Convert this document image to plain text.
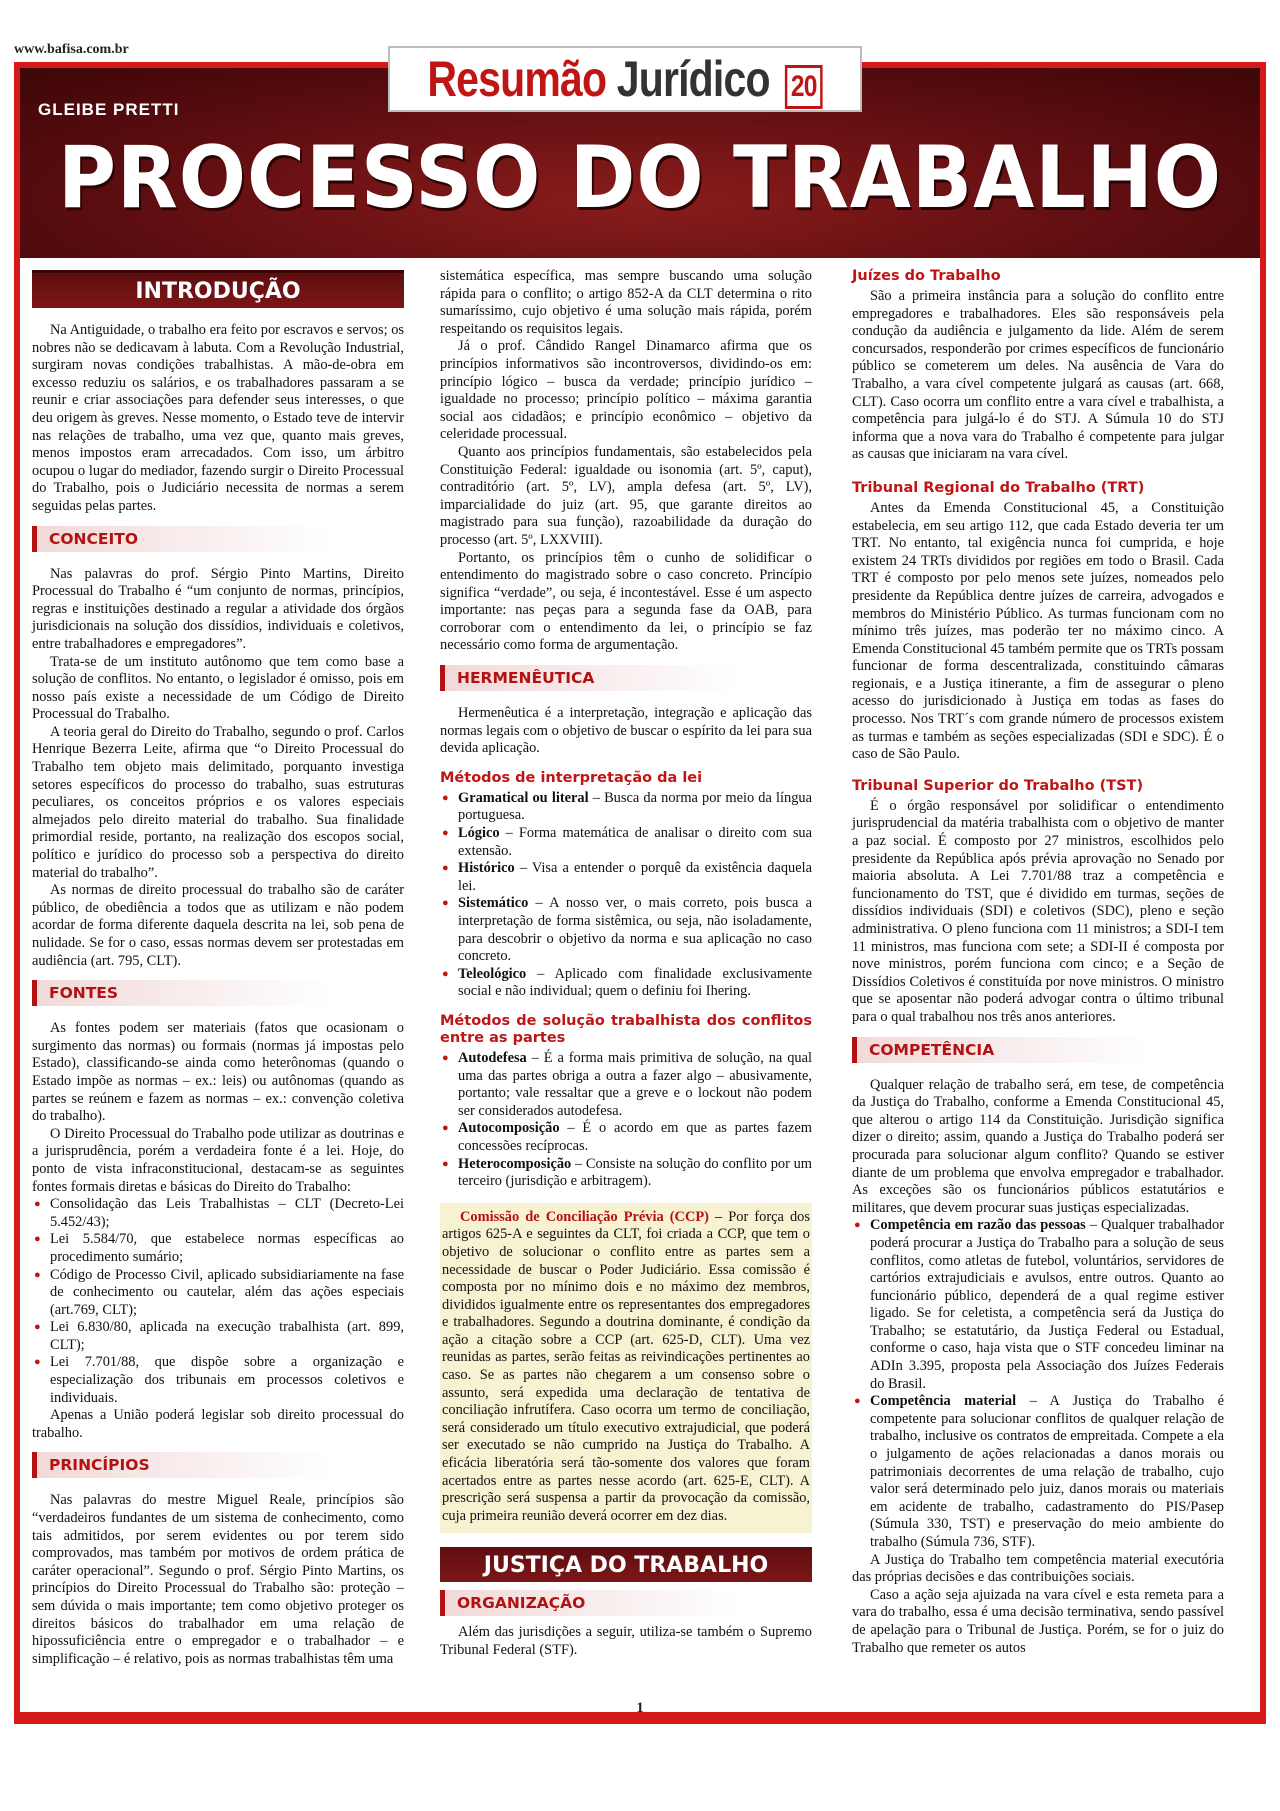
www.bafisa.com.br
Resumão Jurídico 20
GLEIBE PRETTI
PROCESSO DO TRABALHO
INTRODUÇÃO

Na Antiguidade, o trabalho era feito por escravos e servos; os nobres não se dedicavam à labuta. Com a Revolução Industrial, surgiram novas condições trabalhistas. A mão-de-obra em excesso reduziu os salários, e os trabalhadores passaram a se reunir e criar associações para defender seus interesses, o que deu origem às greves. Nesse momento, o Estado teve de intervir nas relações de trabalho, uma vez que, quanto mais greves, menos impostos eram arrecadados. Com isso, um árbitro ocupou o lugar do mediador, fazendo surgir o Direito Processual do Trabalho, pois o Judiciário necessita de normas a serem seguidas pelas partes.

CONCEITO

Nas palavras do prof. Sérgio Pinto Martins, Direito Processual do Trabalho é “um conjunto de normas, princípios, regras e instituições destinado a regular a atividade dos órgãos jurisdicionais na solução dos dissídios, individuais e coletivos, entre trabalhadores e empregadores”.

Trata-se de um instituto autônomo que tem como base a solução de conflitos. No entanto, o legislador é omisso, pois em nosso país existe a necessidade de um Código de Direito Processual do Trabalho.

A teoria geral do Direito do Trabalho, segundo o prof. Carlos Henrique Bezerra Leite, afirma que “o Direito Processual do Trabalho tem objeto mais delimitado, porquanto investiga setores específicos do processo do trabalho, suas estruturas peculiares, os conceitos próprios e os valores especiais almejados pelo direito material do trabalho. Sua finalidade primordial reside, portanto, na realização dos escopos social, político e jurídico do processo sob a perspectiva do direito material do trabalho”.

As normas de direito processual do trabalho são de caráter público, de obediência a todos que as utilizam e não podem acordar de forma diferente daquela descrita na lei, sob pena de nulidade. Se for o caso, essas normas devem ser protestadas em audiência (art. 795, CLT).

FONTES

As fontes podem ser materiais (fatos que ocasionam o surgimento das normas) ou formais (normas já impostas pelo Estado), classificando-se ainda como heterônomas (quando o Estado impõe as normas – ex.: leis) ou autônomas (quando as partes se reúnem e fazem as normas – ex.: convenção coletiva do trabalho).

O Direito Processual do Trabalho pode utilizar as doutrinas e a jurisprudência, porém a verdadeira fonte é a lei. Hoje, do ponto de vista infraconstitucional, destacam-se as seguintes fontes formais diretas e básicas do Direito do Trabalho:

● Consolidação das Leis Trabalhistas – CLT (Decreto-Lei 5.452/43);
● Lei 5.584/70, que estabelece normas específicas ao procedimento sumário;
● Código de Processo Civil, aplicado subsidiariamente na fase de conhecimento ou cautelar, além das ações especiais (art.769, CLT);
● Lei 6.830/80, aplicada na execução trabalhista (art. 899, CLT);
● Lei 7.701/88, que dispõe sobre a organização e especialização dos tribunais em processos coletivos e individuais.

Apenas a União poderá legislar sob direito processual do trabalho.

PRINCÍPIOS

Nas palavras do mestre Miguel Reale, princípios são “verdadeiros fundantes de um sistema de conhecimento, como tais admitidos, por serem evidentes ou por terem sido comprovados, mas também por motivos de ordem prática de caráter operacional”. Segundo o prof. Sérgio Pinto Martins, os princípios do Direito Processual do Trabalho são: proteção – sem dúvida o mais importante; tem como objetivo proteger os direitos básicos do trabalhador em uma relação de hipossuficiência entre o empregador e o trabalhador – e simplificação – é relativo, pois as normas trabalhistas têm uma

sistemática específica, mas sempre buscando uma solução rápida para o conflito; o artigo 852-A da CLT determina o rito sumaríssimo, cujo objetivo é uma solução mais rápida, porém respeitando os requisitos legais.

Já o prof. Cândido Rangel Dinamarco afirma que os princípios informativos são incontroversos, dividindo-os em: princípio lógico – busca da verdade; princípio jurídico – igualdade no processo; princípio político – máxima garantia social aos cidadãos; e princípio econômico – objetivo da celeridade processual.

Quanto aos princípios fundamentais, são estabelecidos pela Constituição Federal: igualdade ou isonomia (art. 5º, caput), contraditório (art. 5º, LV), ampla defesa (art. 5º, LV), imparcialidade do juiz (art. 95, que garante direitos ao magistrado para sua função), razoabilidade da duração do processo (art. 5º, LXXVIII).

Portanto, os princípios têm o cunho de solidificar o entendimento do magistrado sobre o caso concreto. Princípio significa “verdade”, ou seja, é incontestável. Esse é um aspecto importante: nas peças para a segunda fase da OAB, para corroborar com o entendimento da lei, o princípio se faz necessário como forma de argumentação.

HERMENÊUTICA

Hermenêutica é a interpretação, integração e aplicação das normas legais com o objetivo de buscar o espírito da lei para sua devida aplicação.

Métodos de interpretação da lei
● Gramatical ou literal – Busca da norma por meio da língua portuguesa.
● Lógico – Forma matemática de analisar o direito com sua extensão.
● Histórico – Visa a entender o porquê da existência daquela lei.
● Sistemático – A nosso ver, o mais correto, pois busca a interpretação de forma sistêmica, ou seja, não isoladamente, para descobrir o objetivo da norma e sua aplicação no caso concreto.
● Teleológico – Aplicado com finalidade exclusivamente social e não individual; quem o definiu foi Ihering.
Métodos de solução trabalhista dos conflitos entre as partes
● Autodefesa – É a forma mais primitiva de solução, na qual uma das partes obriga a outra a fazer algo – abusivamente, portanto; vale ressaltar que a greve e o lockout não podem ser considerados autodefesa.
● Autocomposição – É o acordo em que as partes fazem concessões recíprocas.
● Heterocomposição – Consiste na solução do conflito por um terceiro (jurisdição e arbitragem).

Comissão de Conciliação Prévia (CCP) – Por força dos artigos 625-A e seguintes da CLT, foi criada a CCP, que tem o objetivo de solucionar o conflito entre as partes sem a necessidade de buscar o Poder Judiciário. Essa comissão é composta por no mínimo dois e no máximo dez membros, divididos igualmente entre os representantes dos empregadores e trabalhadores. Segundo a doutrina dominante, é condição da ação a citação sobre a CCP (art. 625-D, CLT). Uma vez reunidas as partes, serão feitas as reivindicações pertinentes ao caso. Se as partes não chegarem a um consenso sobre o assunto, será expedida uma declaração de tentativa de conciliação infrutífera. Caso ocorra um termo de conciliação, será considerado um título executivo extrajudicial, que poderá ser executado se não cumprido na Justiça do Trabalho. A eficácia liberatória será tão-somente dos valores que foram acertados entre as partes nesse acordo (art. 625-E, CLT). A prescrição será suspensa a partir da provocação da comissão, cuja primeira reunião deverá ocorrer em dez dias.

JUSTIÇA DO TRABALHO
ORGANIZAÇÃO

Além das jurisdições a seguir, utiliza-se também o Supremo Tribunal Federal (STF).

Juízes do Trabalho

São a primeira instância para a solução do conflito entre empregadores e trabalhadores. Eles são responsáveis pela condução da audiência e julgamento da lide. Além de serem concursados, responderão por crimes específicos de funcionário público se cometerem um deles. Na ausência de Vara do Trabalho, a vara cível competente julgará as causas (art. 668, CLT). Caso ocorra um conflito entre a vara cível e trabalhista, a competência para julgá-lo é do STJ. A Súmula 10 do STJ informa que a nova vara do Trabalho é competente para julgar as causas que iniciaram na vara cível.

Tribunal Regional do Trabalho (TRT)

Antes da Emenda Constitucional 45, a Constituição estabelecia, em seu artigo 112, que cada Estado deveria ter um TRT. No entanto, tal exigência nunca foi cumprida, e hoje existem 24 TRTs divididos por regiões em todo o Brasil. Cada TRT é composto por pelo menos sete juízes, nomeados pelo presidente da República dentre juízes de carreira, advogados e membros do Ministério Público. As turmas funcionam com no mínimo três juízes, mas poderão ter no máximo cinco. A Emenda Constitucional 45 também permite que os TRTs possam funcionar de forma descentralizada, constituindo câmaras regionais, e a Justiça itinerante, a fim de assegurar o pleno acesso do jurisdicionado à Justiça em todas as fases do processo. Nos TRT´s com grande número de processos existem as turmas e também as seções especializadas (SDI e SDC). É o caso de São Paulo.

Tribunal Superior do Trabalho (TST)

É o órgão responsável por solidificar o entendimento jurisprudencial da matéria trabalhista com o objetivo de manter a paz social. É composto por 27 ministros, escolhidos pelo presidente da República após prévia aprovação no Senado por maioria absoluta. A Lei 7.701/88 traz a competência e funcionamento do TST, que é dividido em turmas, seções de dissídios individuais (SDI) e coletivos (SDC), pleno e seção administrativa. O pleno funciona com 11 ministros; a SDI-I tem 11 ministros, mas funciona com sete; a SDI-II é composta por nove ministros, porém funciona com cinco; e a Seção de Dissídios Coletivos é constituída por nove ministros. O ministro que se aposentar não poderá advogar contra o último tribunal para o qual trabalhou nos três anos anteriores.

COMPETÊNCIA

Qualquer relação de trabalho será, em tese, de competência da Justiça do Trabalho, conforme a Emenda Constitucional 45, que alterou o artigo 114 da Constituição. Jurisdição significa dizer o direito; assim, quando a Justiça do Trabalho poderá ser procurada para solucionar algum conflito? Quando se estiver diante de um problema que envolva empregador e trabalhador. As exceções são os funcionários públicos estatutários e militares, que devem procurar suas justiças especializadas.

● Competência em razão das pessoas – Qualquer trabalhador poderá procurar a Justiça do Trabalho para a solução de seus conflitos, como atletas de futebol, voluntários, servidores de cartórios extrajudiciais e avulsos, entre outros. Quanto ao funcionário público, dependerá de a qual regime estiver ligado. Se for celetista, a competência será da Justiça do Trabalho; se estatutário, da Justiça Federal ou Estadual, conforme o caso, haja vista que o STF concedeu liminar na ADIn 3.395, proposta pela Associação dos Juízes Federais do Brasil.
● Competência material – A Justiça do Trabalho é competente para solucionar conflitos de qualquer relação de trabalho, inclusive os contratos de empreitada. Compete a ela o julgamento de ações relacionadas a danos morais ou patrimoniais decorrentes de uma relação de trabalho, cujo valor será determinado pelo juiz, danos morais ou materiais em acidente de trabalho, cadastramento do PIS/Pasep (Súmula 330, TST) e preservação do meio ambiente do trabalho (Súmula 736, STF).

A Justiça do Trabalho tem competência material executória das próprias decisões e das contribuições sociais.

Caso a ação seja ajuizada na vara cível e esta remeta para a vara do trabalho, essa é uma decisão terminativa, sendo passível de apelação para o Tribunal de Justiça. Porém, se for o juiz do Trabalho que remeter os autos

1
